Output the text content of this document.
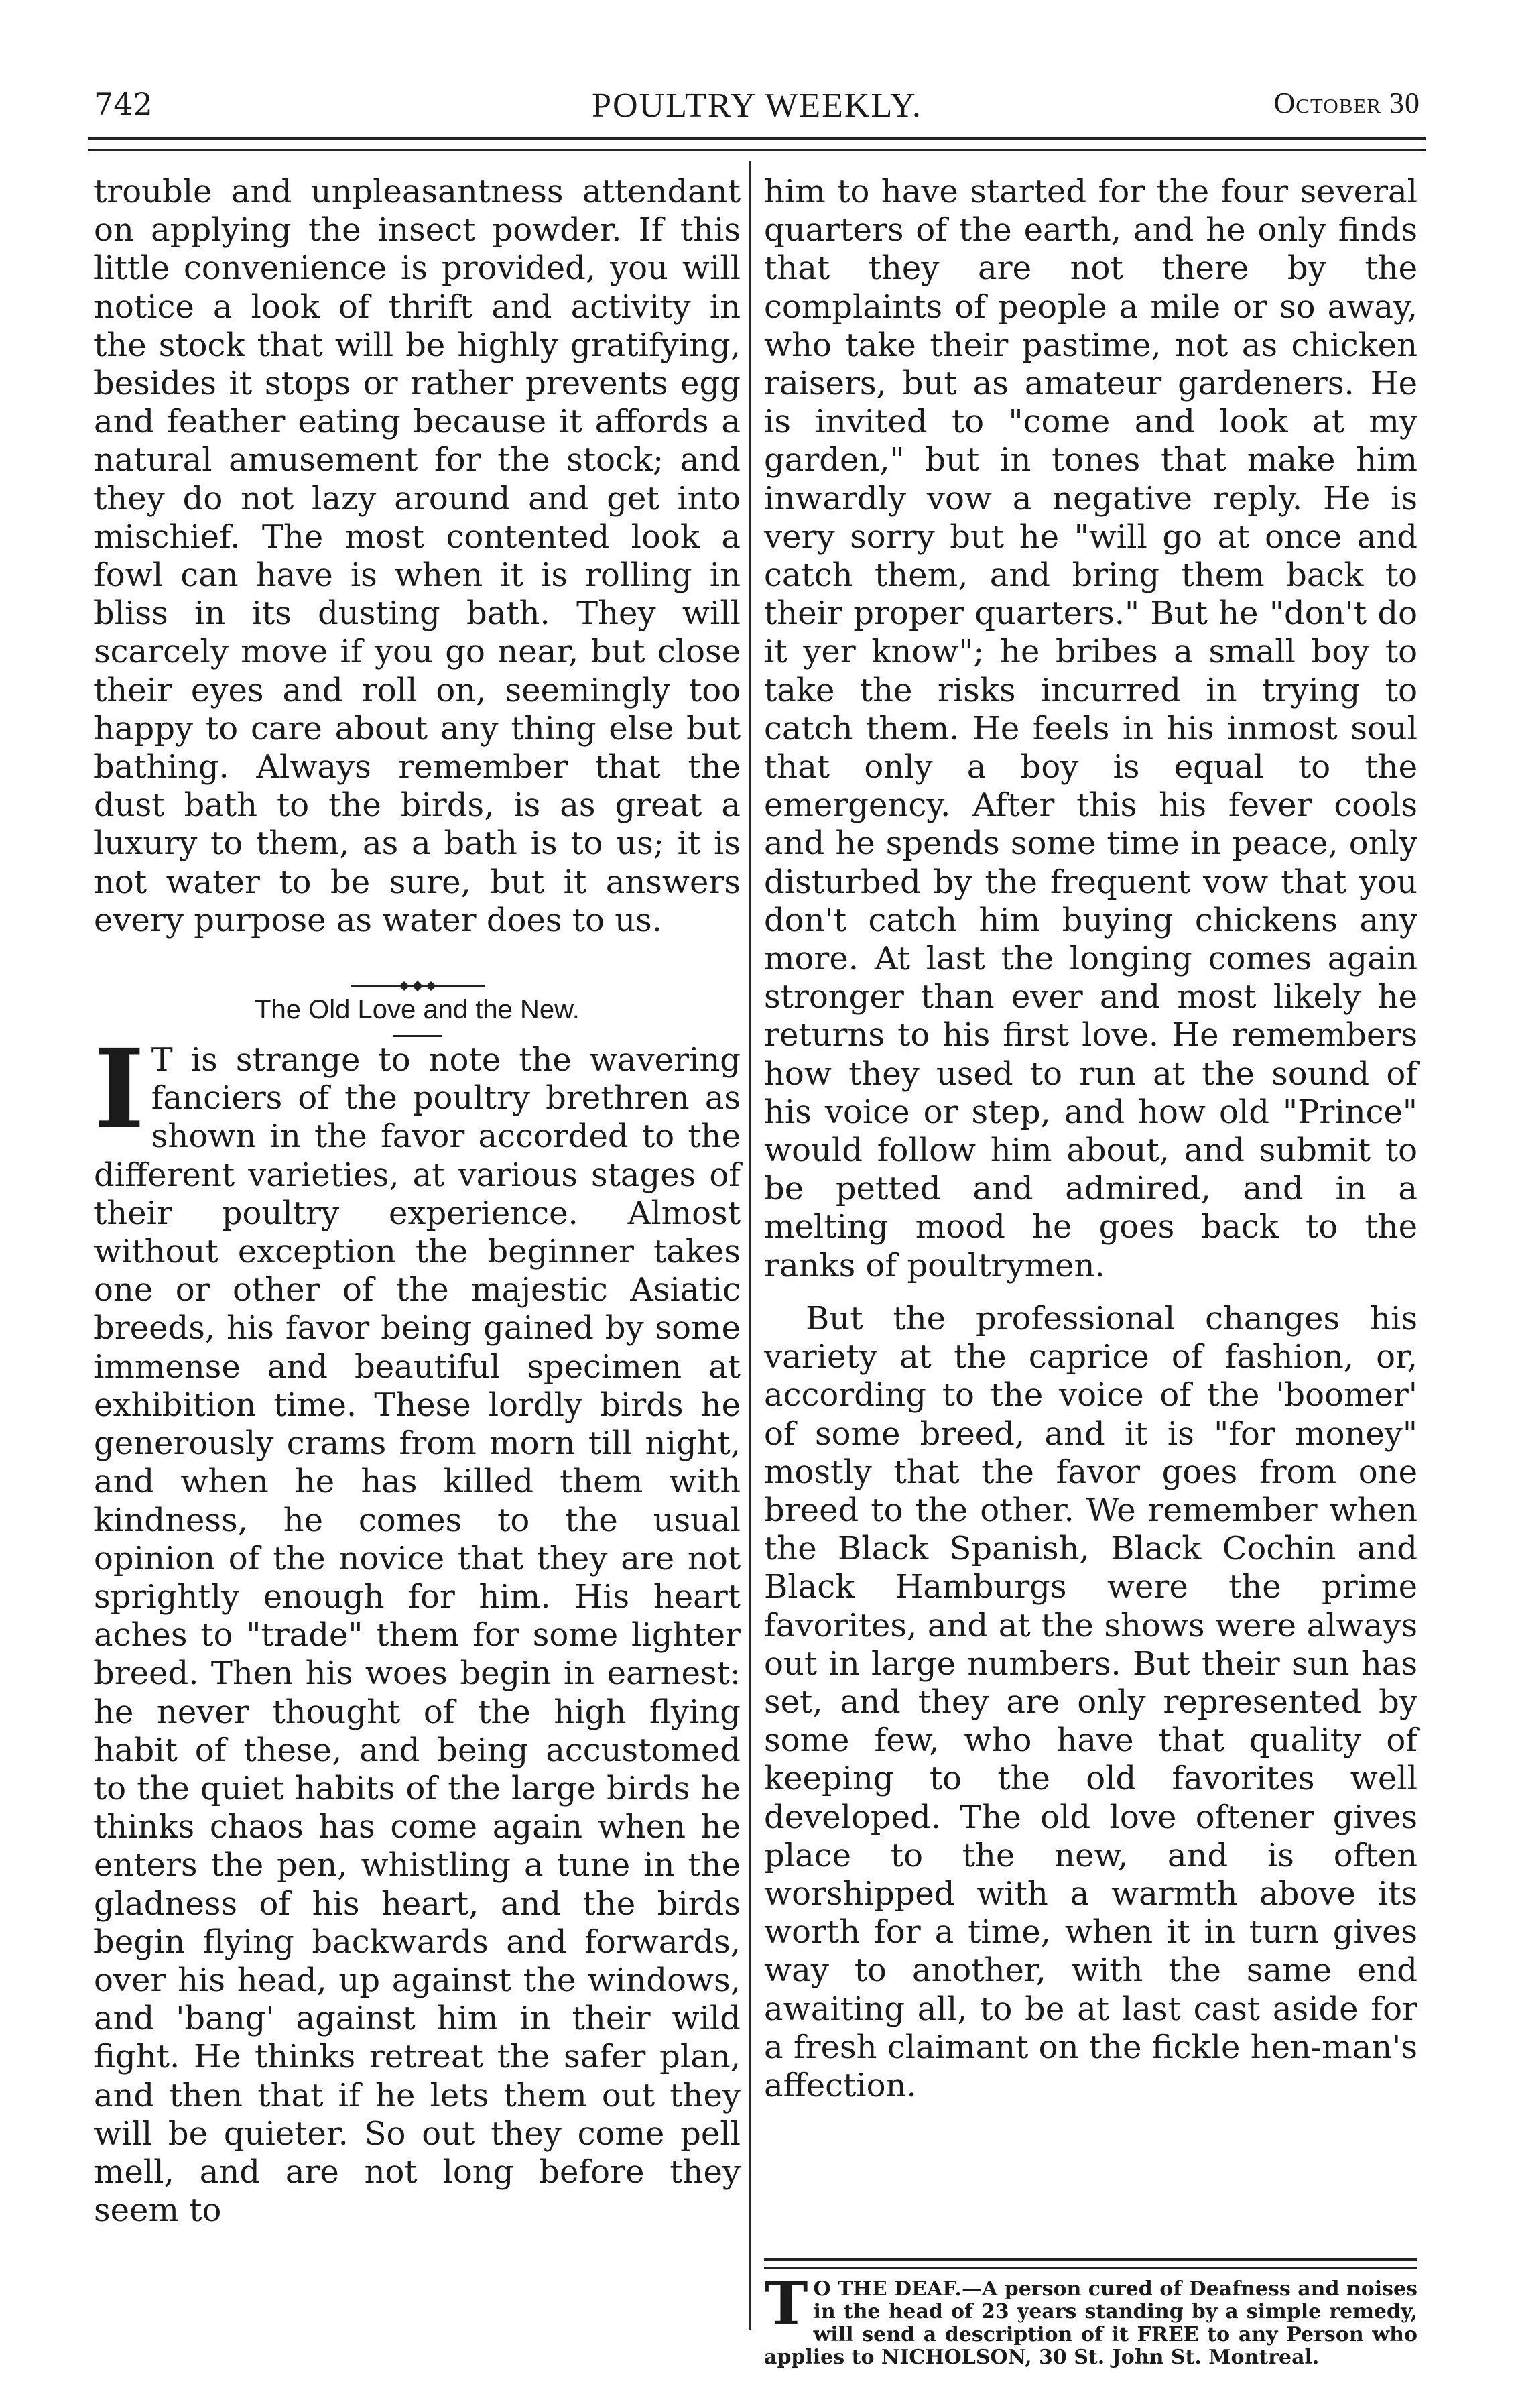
742	POULTRY WEEKLY.	October 30

trouble and unpleasantness attendant on applying the insect powder. If this little convenience is provided, you will notice a look of thrift and activity in the stock that will be highly gratifying, besides it stops or rather prevents egg and feather eating because it affords a natural amusement for the stock; and they do not lazy around and get into mischief. The most contented look a fowl can have is when it is rolling in bliss in its dusting bath. They will scarcely move if you go near, but close their eyes and roll on, seemingly too happy to care about any thing else but bathing. Always remember that the dust bath to the birds, is as great a luxury to them, as a bath is to us; it is not water to be sure, but it answers every purpose as water does to us.

The Old Love and the New.

I T is strange to note the wavering fanciers of the poultry brethren as shown in the favor accorded to the different varieties, at various stages of their poultry experience. Almost without exception the beginner takes one or other of the majestic Asiatic breeds, his favor being gained by some immense and beautiful specimen at exhibition time. These lordly birds he generously crams from morn till night, and when he has killed them with kindness, he comes to the usual opinion of the novice that they are not sprightly enough for him. His heart aches to "trade" them for some lighter breed. Then his woes begin in earnest: he never thought of the high flying habit of these, and being accustomed to the quiet habits of the large birds he thinks chaos has come again when he enters the pen, whistling a tune in the gladness of his heart, and the birds begin flying backwards and forwards, over his head, up against the windows, and 'bang' against him in their wild fight. He thinks retreat the safer plan, and then that if he lets them out they will be quieter. So out they come pell mell, and are not long before they seem to

him to have started for the four several quarters of the earth, and he only finds that they are not there by the complaints of people a mile or so away, who take their pastime, not as chicken raisers, but as amateur gardeners. He is invited to "come and look at my garden," but in tones that make him inwardly vow a negative reply. He is very sorry but he "will go at once and catch them, and bring them back to their proper quarters." But he "don't do it yer know"; he bribes a small boy to take the risks incurred in trying to catch them. He feels in his inmost soul that only a boy is equal to the emergency. After this his fever cools and he spends some time in peace, only disturbed by the frequent vow that you don't catch him buying chickens any more. At last the longing comes again stronger than ever and most likely he returns to his first love. He remembers how they used to run at the sound of his voice or step, and how old "Prince" would follow him about, and submit to be petted and admired, and in a melting mood he goes back to the ranks of poultrymen.

But the professional changes his variety at the caprice of fashion, or, according to the voice of the 'boomer' of some breed, and it is "for money" mostly that the favor goes from one breed to the other. We remember when the Black Spanish, Black Cochin and Black Hamburgs were the prime favorites, and at the shows were always out in large numbers. But their sun has set, and they are only represented by some few, who have that quality of keeping to the old favorites well developed. The old love oftener gives place to the new, and is often worshipped with a warmth above its worth for a time, when it in turn gives way to another, with the same end awaiting all, to be at last cast aside for a fresh claimant on the fickle hen-man's affection.

T O THE DEAF.—A person cured of Deafness and noises in the head of 23 years standing by a simple remedy, will send a description of it FREE to any Person who applies to NICHOLSON, 30 St. John St. Montreal.
